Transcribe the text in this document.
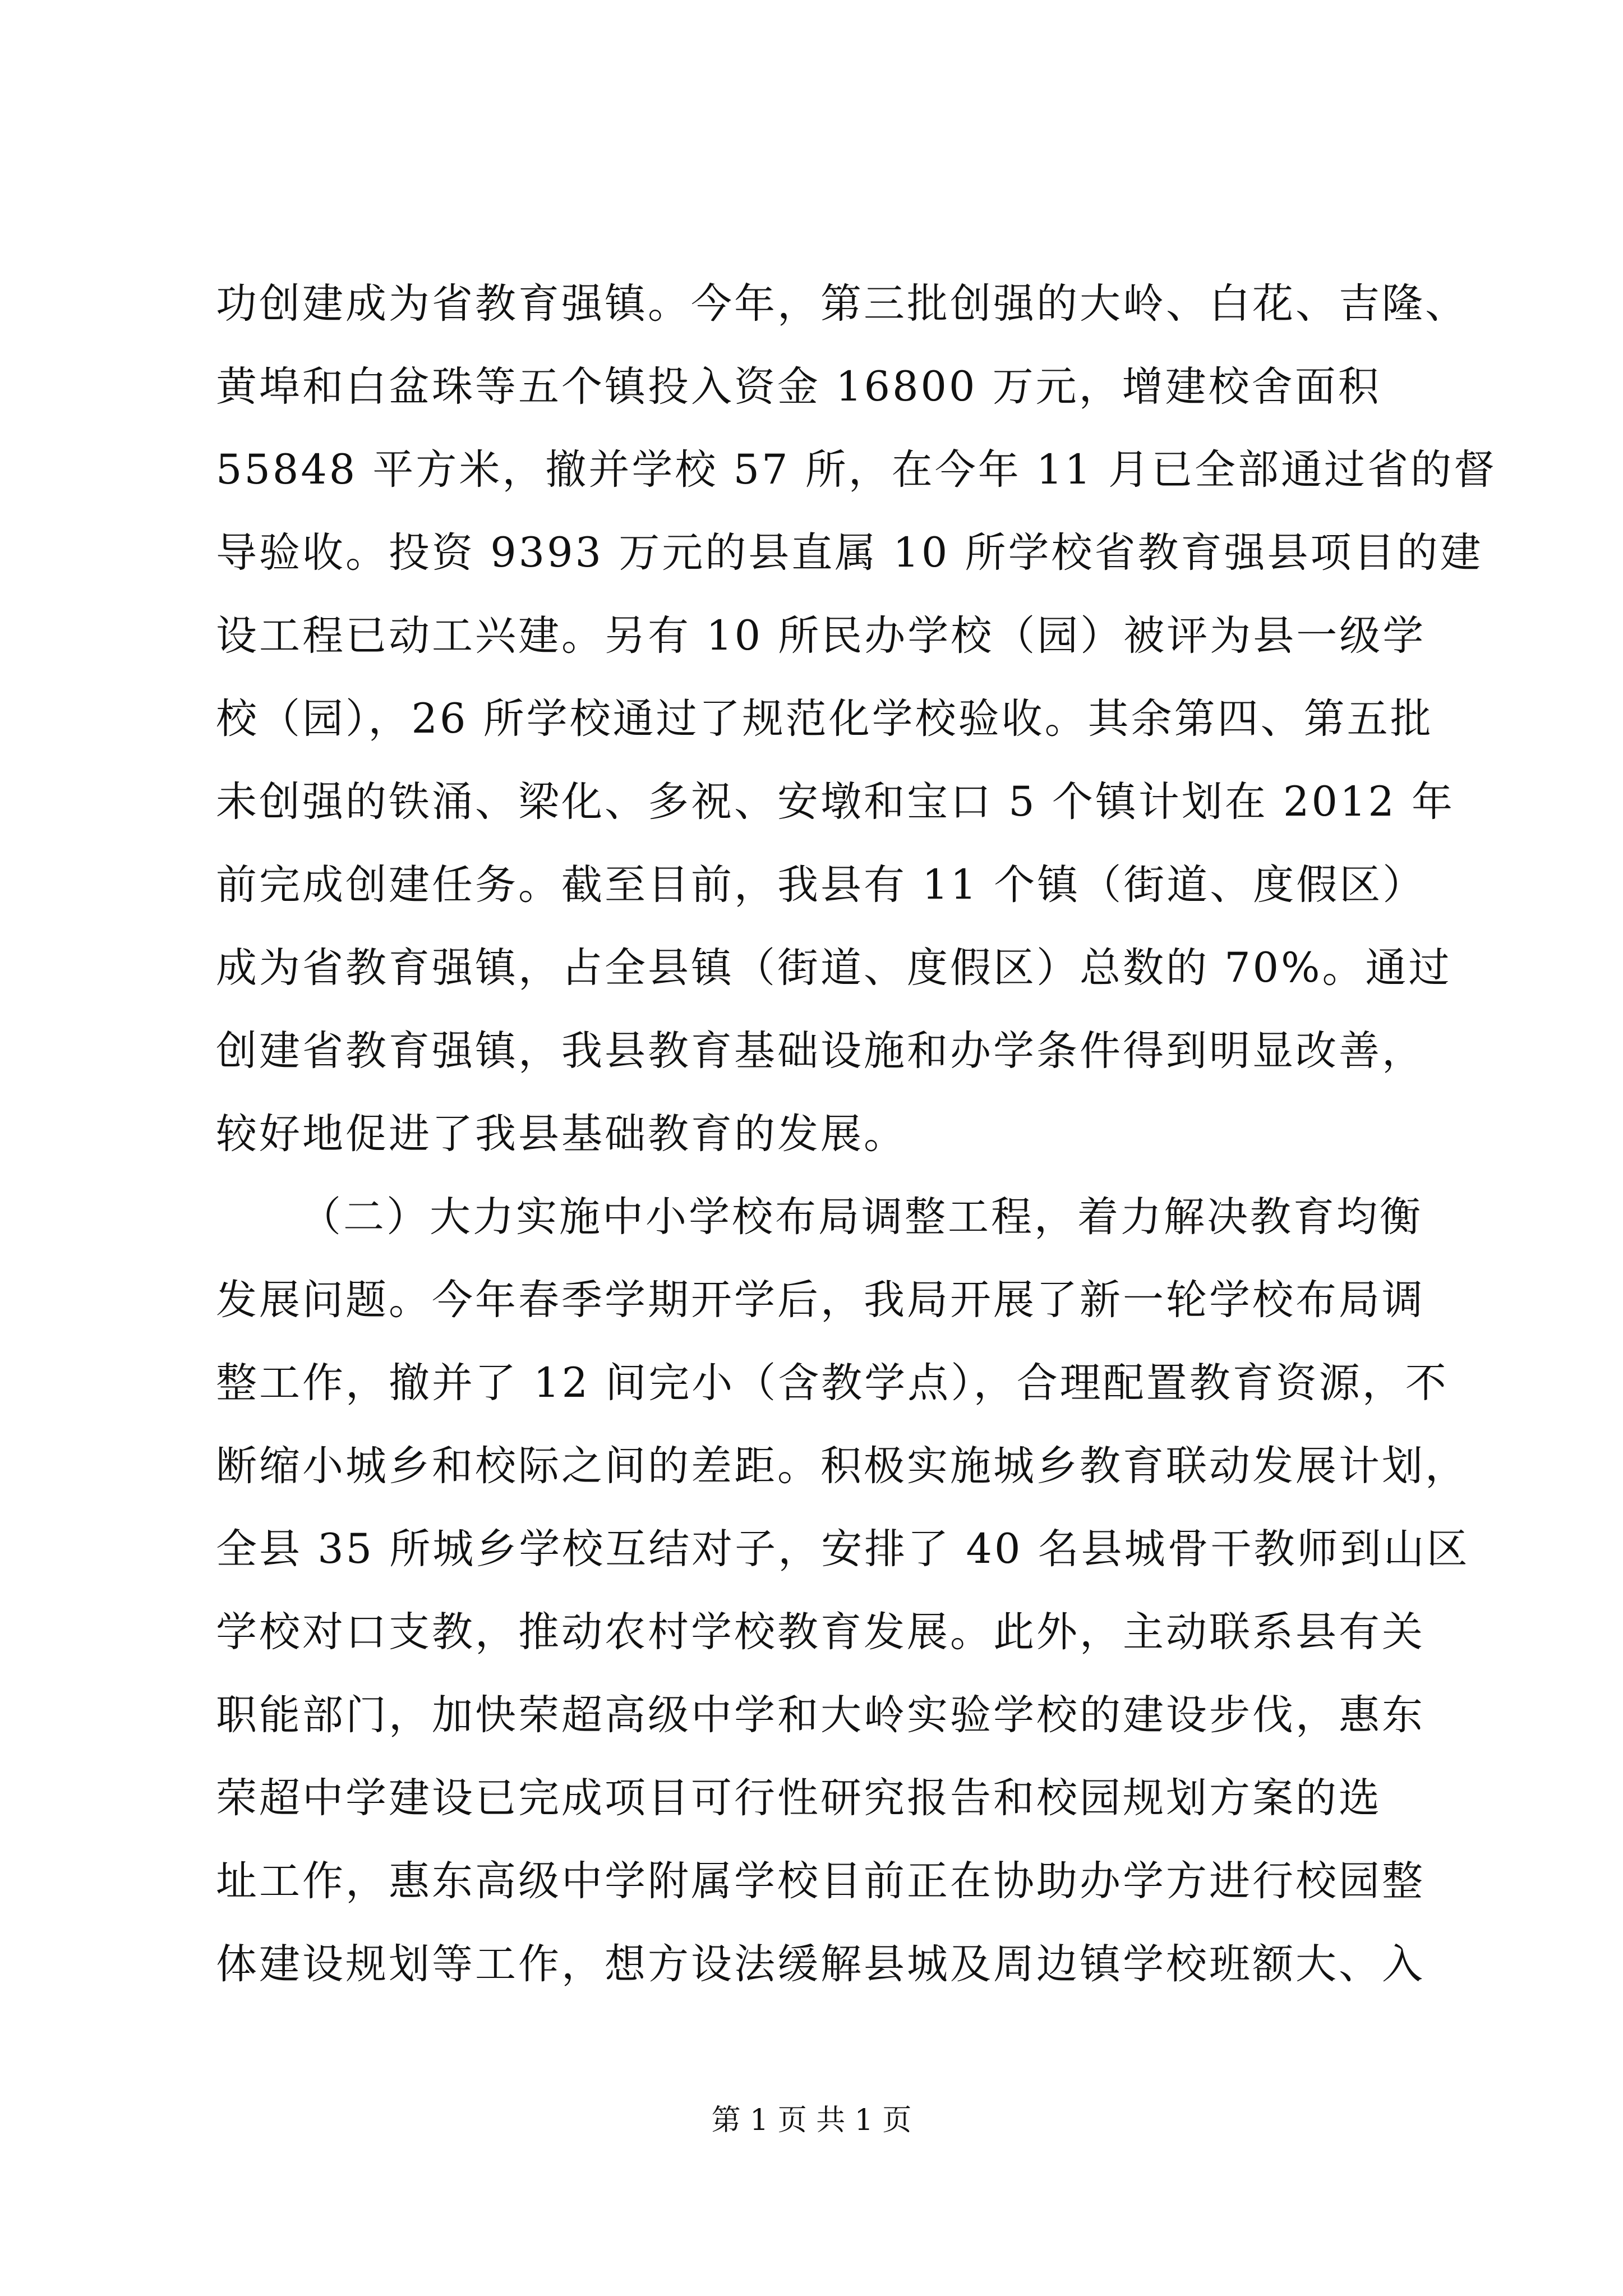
功创建成为省教育强镇。今年，第三批创强的大岭、白花、吉隆、
黄埠和白盆珠等五个镇投入资金 16800 万元，增建校舍面积
55848 平方米，撤并学校 57 所，在今年 11 月已全部通过省的督
导验收。投资 9393 万元的县直属 10 所学校省教育强县项目的建
设工程已动工兴建。另有 10 所民办学校（园）被评为县一级学
校（园），26 所学校通过了规范化学校验收。其余第四、第五批
未创强的铁涌、梁化、多祝、安墩和宝口 5 个镇计划在 2012 年
前完成创建任务。截至目前，我县有 11 个镇（街道、度假区）
成为省教育强镇，占全县镇（街道、度假区）总数的 70%。通过
创建省教育强镇，我县教育基础设施和办学条件得到明显改善，
较好地促进了我县基础教育的发展。
（二）大力实施中小学校布局调整工程，着力解决教育均衡
发展问题。今年春季学期开学后，我局开展了新一轮学校布局调
整工作，撤并了 12 间完小（含教学点），合理配置教育资源，不
断缩小城乡和校际之间的差距。积极实施城乡教育联动发展计划，
全县 35 所城乡学校互结对子，安排了 40 名县城骨干教师到山区
学校对口支教，推动农村学校教育发展。此外，主动联系县有关
职能部门，加快荣超高级中学和大岭实验学校的建设步伐，惠东
荣超中学建设已完成项目可行性研究报告和校园规划方案的选
址工作，惠东高级中学附属学校目前正在协助办学方进行校园整
体建设规划等工作，想方设法缓解县城及周边镇学校班额大、入
第 1 页 共 1 页
